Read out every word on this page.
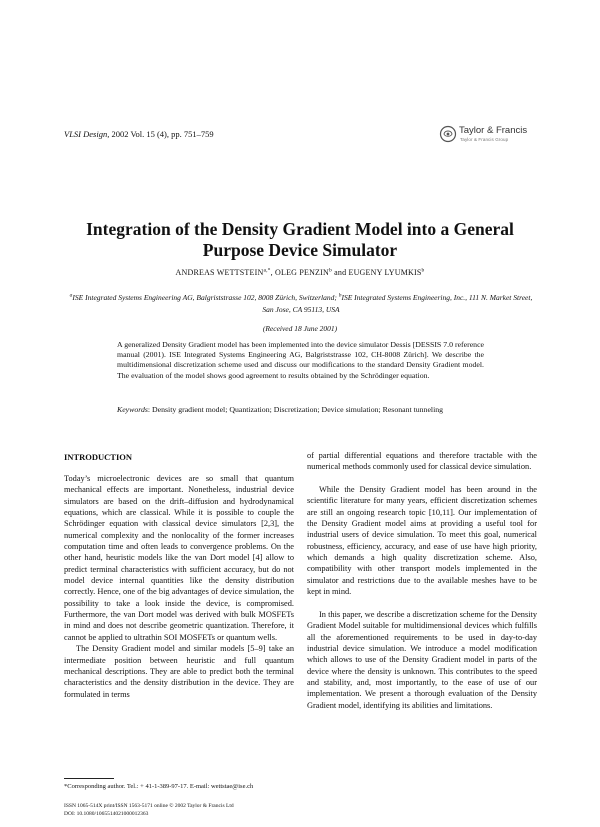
VLSI Design, 2002 Vol. 15 (4), pp. 751–759	Taylor & Francis
Taylor & Francis Group
Integration of the Density Gradient Model into a General Purpose Device Simulator
ANDREAS $WETTSTEIN^{a,*}$, OLEG PENZIN$^b$ and EUGENY LYUMKIS$^b$
$^a$ISE Integrated Systems Engineering AG, Balgriststrasse 102, 8008 Zürich, Switzerland; $^b$ISE Integrated Systems Engineering, Inc., 111 N. Market Street, San Jose, CA 95113, USA
(Received 18 June 2001)

A generalized Density Gradient model has been implemented into the device simulator Dessis [DESSIS 7.0 reference manual (2001). ISE Integrated Systems Engineering AG, Balgriststrasse 102, CH-8008 Zürich]. We describe the multidimensional discretization scheme used and discuss our modifications to the standard Density Gradient model. The evaluation of the model shows good agreement to results obtained by the Schrödinger equation.

Keywords: Density gradient model; Quantization; Discretization; Device simulation; Resonant tunneling
INTRODUCTION

Today’s microelectronic devices are so small that quantum mechanical effects are important. Nonetheless, industrial device simulators are based on the drift–diffusion and hydrodynamical equations, which are classical. While it is possible to couple the Schrödinger equation with classical device simulators [2,3], the numerical complexity and the nonlocality of the former increases computation time and often leads to convergence problems. On the other hand, heuristic models like the van Dort model [4] allow to predict terminal characteristics with sufficient accuracy, but do not model device internal quantities like the density distribution correctly. Hence, one of the big advantages of device simulation, the possibility to take a look inside the device, is compromised. Furthermore, the van Dort model was derived with bulk MOSFETs in mind and does not describe geometric quantization. Therefore, it cannot be applied to ultrathin SOI MOSFETs or quantum wells.

The Density Gradient model and similar models [5–9] take an intermediate position between heuristic and full quantum mechanical descriptions. They are able to predict both the terminal characteristics and the density distribution in the device. They are formulated in terms

of partial differential equations and therefore tractable with the numerical methods commonly used for classical device simulation.

While the Density Gradient model has been around in the scientific literature for many years, efficient discretization schemes are still an ongoing research topic [10,11]. Our implementation of the Density Gradient model aims at providing a useful tool for industrial users of device simulation. To meet this goal, numerical robustness, efficiency, accuracy, and ease of use have high priority, which demands a high quality discretization scheme. Also, compatibility with other transport models implemented in the simulator and restrictions due to the available meshes have to be kept in mind.

In this paper, we describe a discretization scheme for the Density Gradient Model suitable for multidimensional devices which fulfills all the aforementioned requirements to be used in day-to-day industrial device simulation. We introduce a model modification which allows to use of the Density Gradient model in parts of the device where the density is unknown. This contributes to the speed and stability, and, most importantly, to the ease of use of our implementation. We present a thorough evaluation of the Density Gradient model, identifying its abilities and limitations.

*Corresponding author. Tel.: + 41-1-389-97-17. E-mail: wettstae@ise.ch
ISSN 1065-514X print/ISSN 1563-5171 online © 2002 Taylor & Francis Ltd
DOI: 10.1080/1065514021000012363
